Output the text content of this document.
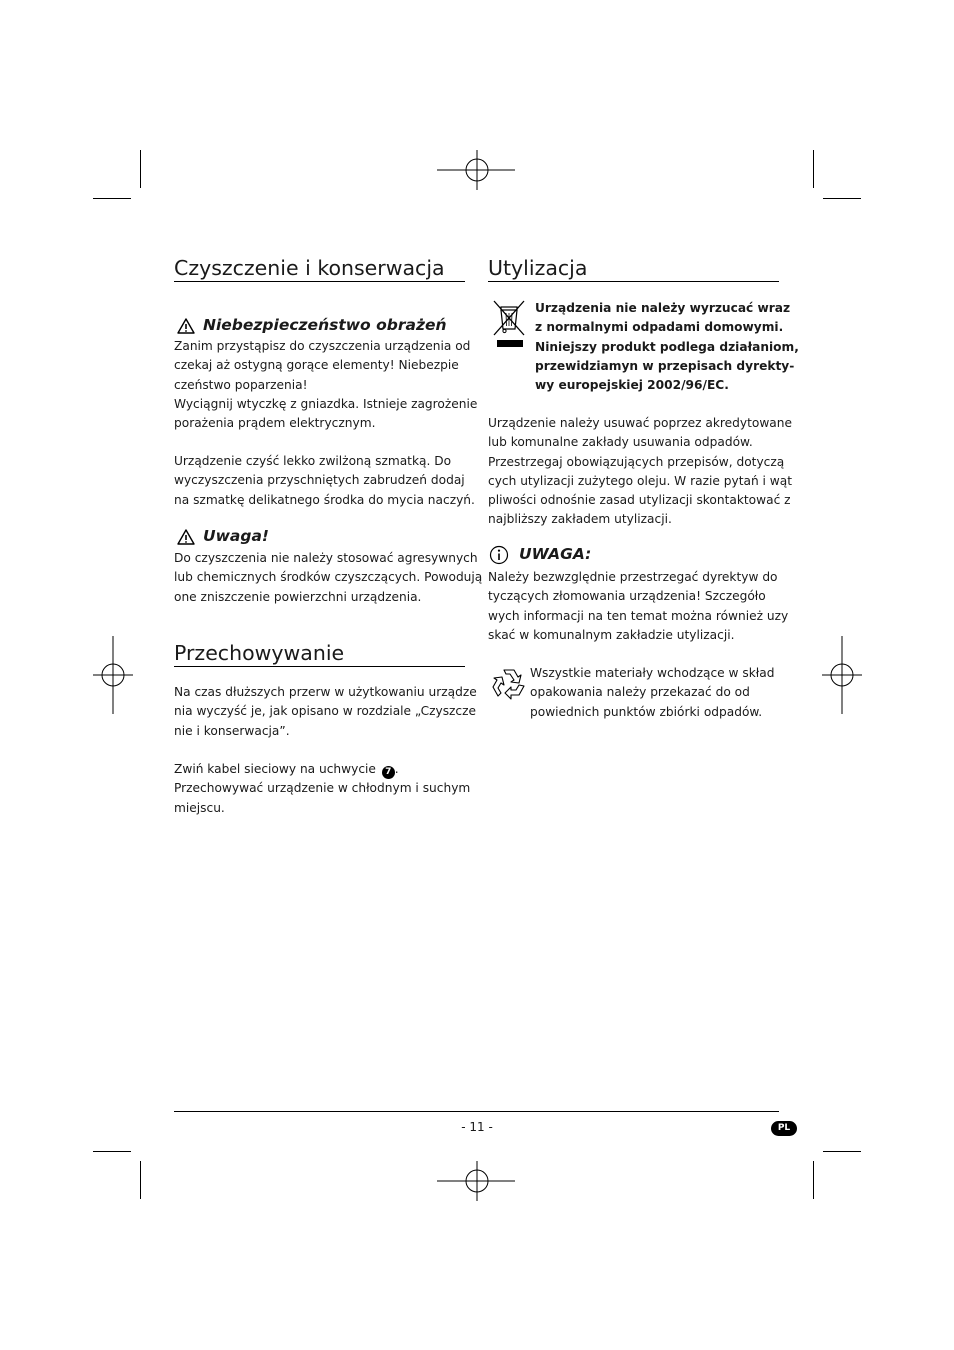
Czyszczenie i konserwacja
Niebezpieczeństwo obrażeń
Zanim przystąpisz do czyszczenia urządzenia od
czekaj aż ostygną gorące elementy! Niebezpie
czeństwo poparzenia!
Wyciągnij wtyczkę z gniazdka. Istnieje zagrożenie
porażenia prądem elektrycznym.
Urządzenie czyść lekko zwilżoną szmatką. Do
wyczyszczenia przyschniętych zabrudzeń dodaj
na szmatkę delikatnego środka do mycia naczyń.
Uwaga!
Do czyszczenia nie należy stosować agresywnych
lub chemicznych środków czyszczących. Powodują
one zniszczenie powierzchni urządzenia.
Przechowywanie
Na czas dłuższych przerw w użytkowaniu urządze
nia wyczyść je, jak opisano w rozdziale „Czyszcze
nie i konserwacja”.
Zwiń kabel sieciowy na uchwycie 7 .
Przechowywać urządzenie w chłodnym i suchym
miejscu.
Utylizacja
Urządzenia nie należy wyrzucać wraz
z normalnymi odpadami domowymi.
Niniejszy produkt podlega działaniom,
przewidziamyn w przepisach dyrekty-
wy europejskiej 2002/96/EC.
Urządzenie należy usuwać poprzez akredytowane
lub komunalne zakłady usuwania odpadów.
Przestrzegaj obowiązujących przepisów, dotyczą
cych utylizacji zużytego oleju. W razie pytań i wąt
pliwości odnośnie zasad utylizacji skontaktować z
najbliższy zakładem utylizacji.
UWAGA:
Należy bezwzględnie przestrzegać dyrektyw do
tyczących złomowania urządzenia! Szczegóło
wych informacji na ten temat można również uzy
skać w komunalnym zakładzie utylizacji.
Wszystkie materiały wchodzące w skład
opakowania należy przekazać do od
powiednich punktów zbiórki odpadów.
- 11 -	PL
